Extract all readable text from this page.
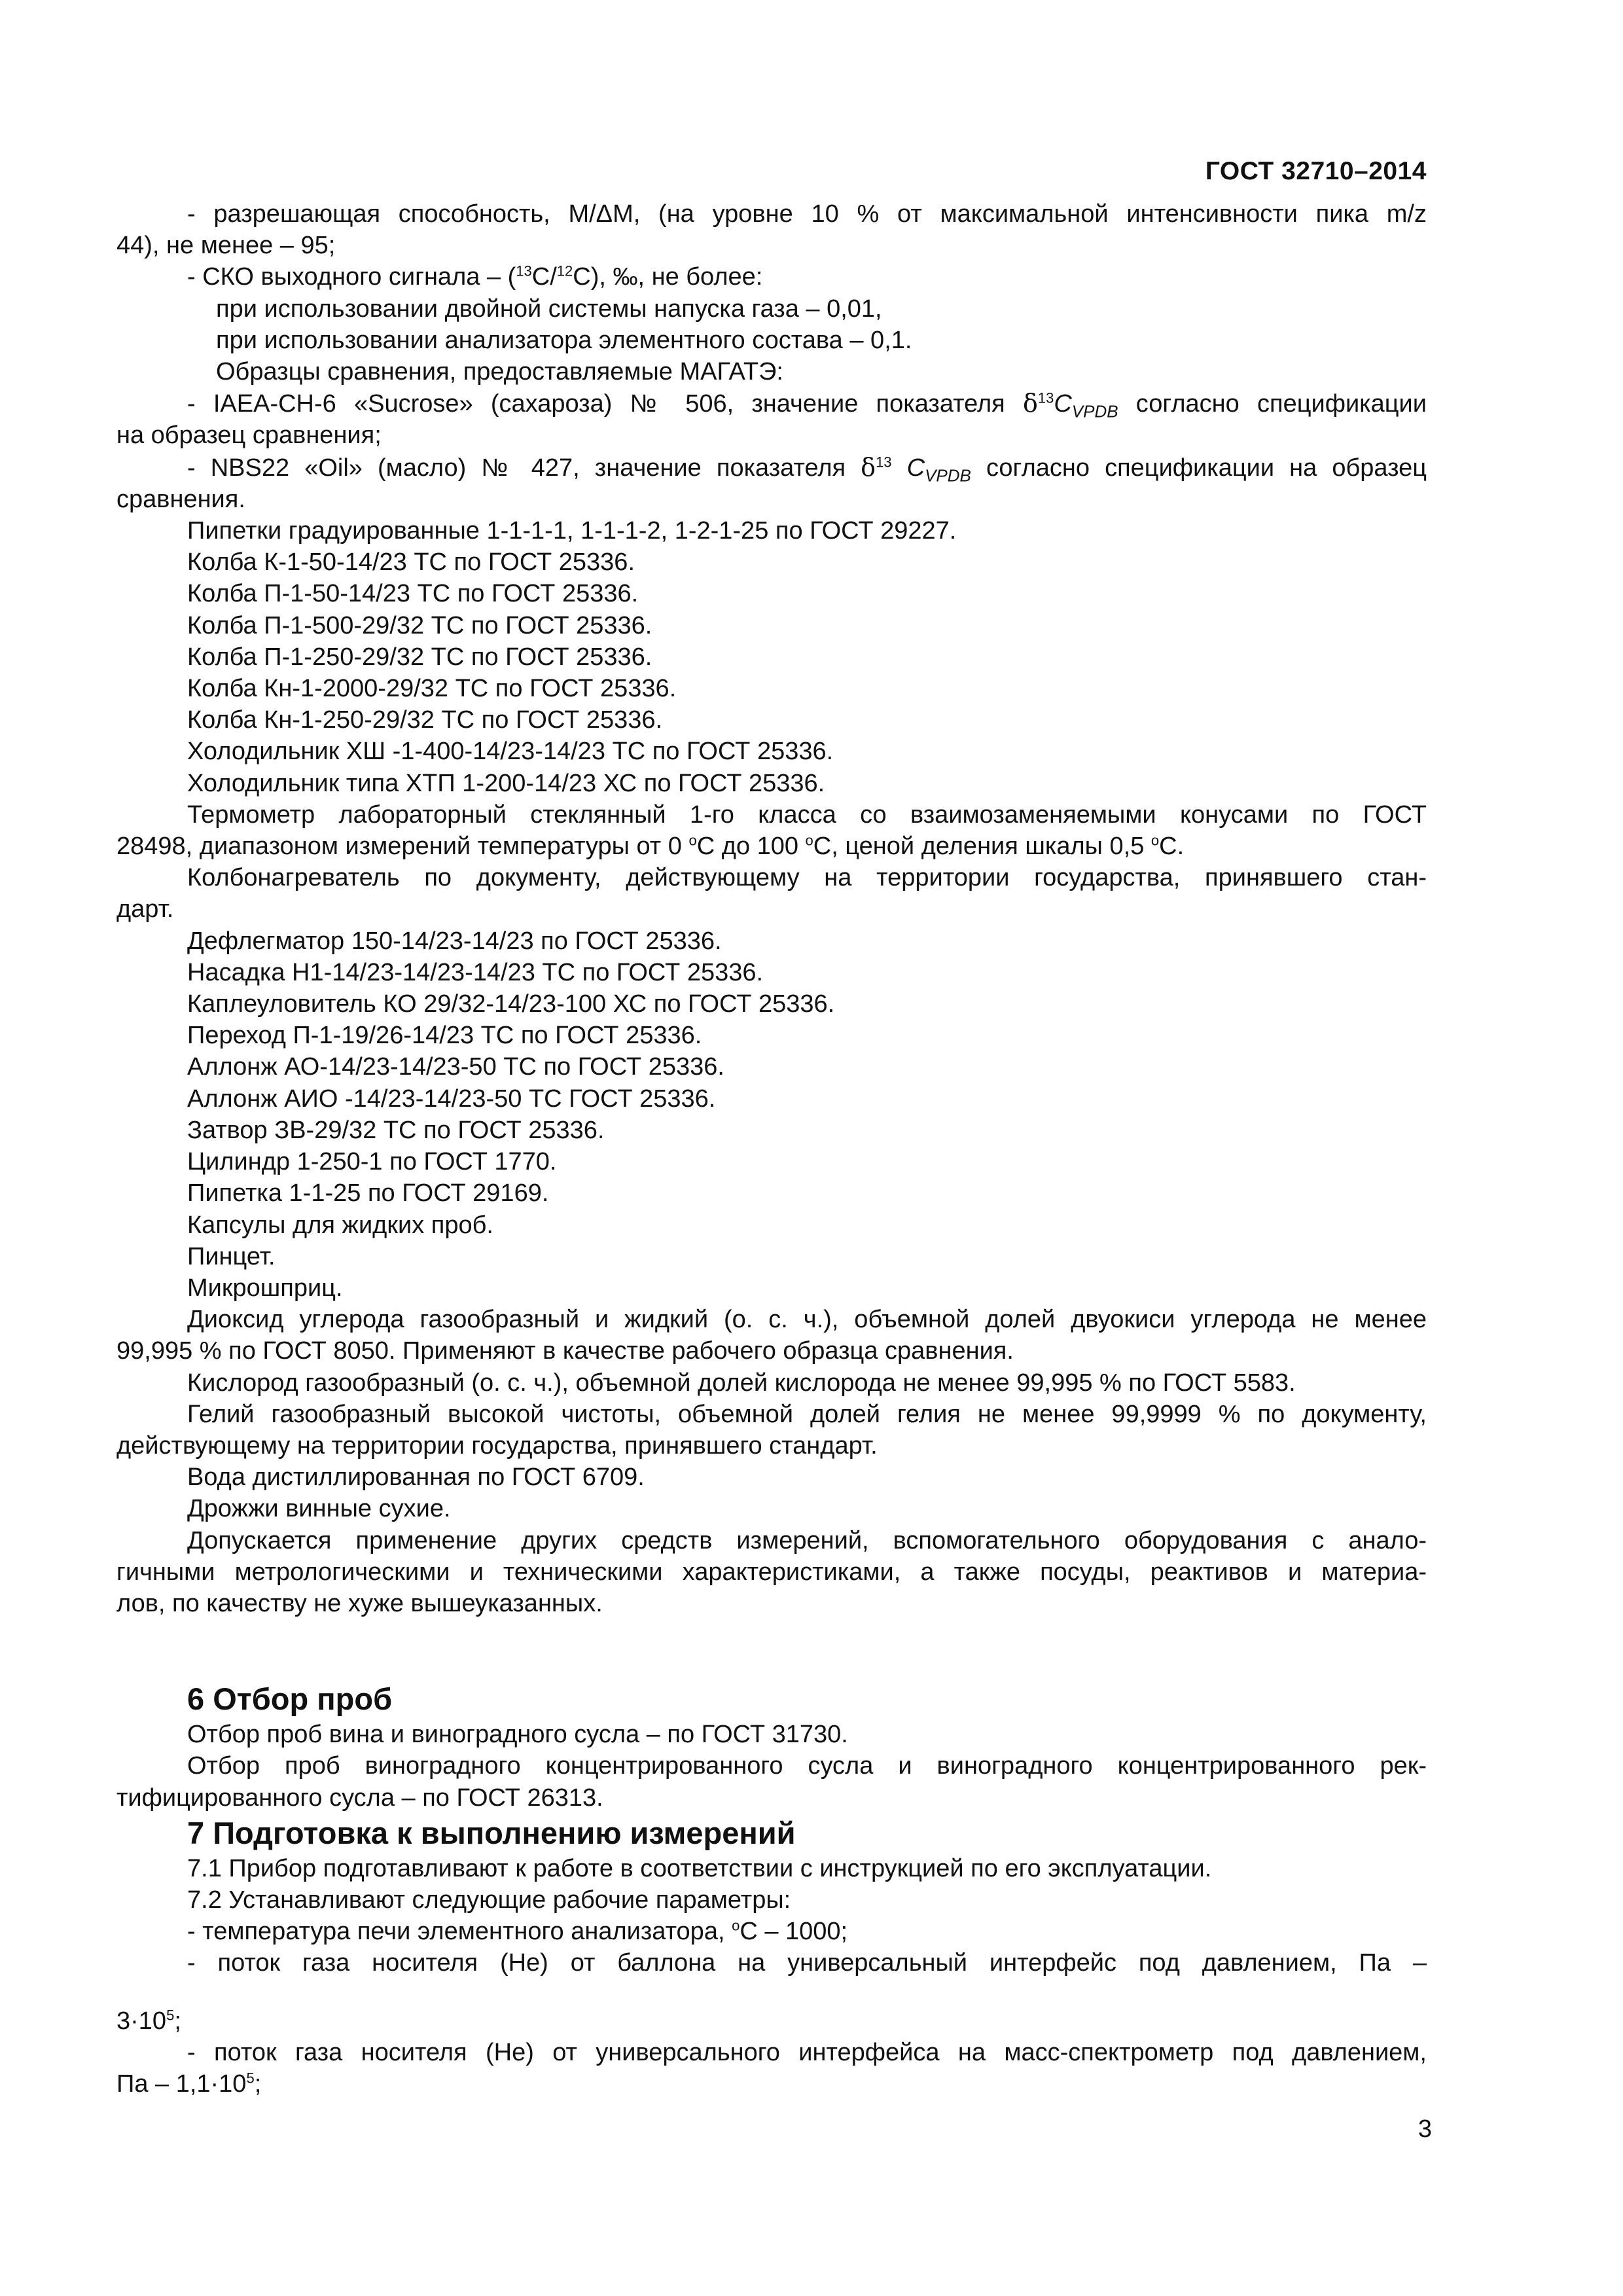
ГОСТ 32710–2014

- разрешающая способность, M/ΔM, (на уровне 10 % от максимальной интенсивности пика m/z

44), не менее – 95;

- СКО выходного сигнала – ($^{13}$C/$^{12}$C), ‰, не более:

при использовании двойной системы напуска газа – 0,01,

при использовании анализатора элементного состава – 0,1.

Образцы сравнения, предоставляемые МАГАТЭ:

- IAEA-CH-6 «Sucrose» (сахароза) № 506, значение показателя $\delta^{13}C_{VPDB}$ согласно спецификации

на образец сравнения;

- NBS22 «Oil» (масло) № 427, значение показателя $\delta^{13}$ $C_{VPDB}$ согласно спецификации на образец

сравнения.

Пипетки градуированные 1-1-1-1, 1-1-1-2, 1-2-1-25 по ГОСТ 29227.

Колба К-1-50-14/23 ТС по ГОСТ 25336.

Колба П-1-50-14/23 ТС по ГОСТ 25336.

Колба П-1-500-29/32 ТС по ГОСТ 25336.

Колба П-1-250-29/32 ТС по ГОСТ 25336.

Колба Кн-1-2000-29/32 ТС по ГОСТ 25336.

Колба Кн-1-250-29/32 ТС по ГОСТ 25336.

Холодильник ХШ -1-400-14/23-14/23 ТС по ГОСТ 25336.

Холодильник типа ХТП 1-200-14/23 ХС по ГОСТ 25336.

Термометр лабораторный стеклянный 1-го класса со взаимозаменяемыми конусами по ГОСТ

28498, диапазоном измерений температуры от 0 $^o$C до 100 $^o$C, ценой деления шкалы 0,5 $^o$C.

Колбонагреватель по документу, действующему на территории государства, принявшего стан-

дарт.

Дефлегматор 150-14/23-14/23 по ГОСТ 25336.

Насадка Н1-14/23-14/23-14/23 ТС по ГОСТ 25336.

Каплеуловитель КО 29/32-14/23-100 ХС по ГОСТ 25336.

Переход П-1-19/26-14/23 ТС по ГОСТ 25336.

Аллонж АО-14/23-14/23-50 ТС по ГОСТ 25336.

Аллонж АИО -14/23-14/23-50 ТС ГОСТ 25336.

Затвор ЗВ-29/32 ТС по ГОСТ 25336.

Цилиндр 1-250-1 по ГОСТ 1770.

Пипетка 1-1-25 по ГОСТ 29169.

Капсулы для жидких проб.

Пинцет.

Микрошприц.

Диоксид углерода газообразный и жидкий (о. с. ч.), объемной долей двуокиси углерода не менее

99,995 % по ГОСТ 8050. Применяют в качестве рабочего образца сравнения.

Кислород газообразный (о. с. ч.), объемной долей кислорода не менее 99,995 % по ГОСТ 5583.

Гелий газообразный высокой чистоты, объемной долей гелия не менее 99,9999 % по документу,

действующему на территории государства, принявшего стандарт.

Вода дистиллированная по ГОСТ 6709.

Дрожжи винные сухие.

Допускается применение других средств измерений, вспомогательного оборудования с анало-

гичными метрологическими и техническими характеристиками, а также посуды, реактивов и материа-

лов, по качеству не хуже вышеуказанных.

6 Отбор проб

Отбор проб вина и виноградного сусла – по ГОСТ 31730.

Отбор проб виноградного концентрированного сусла и виноградного концентрированного рек-

тифицированного сусла – по ГОСТ 26313.

7 Подготовка к выполнению измерений

7.1 Прибор подготавливают к работе в соответствии с инструкцией по его эксплуатации.

7.2 Устанавливают следующие рабочие параметры:

- температура печи элементного анализатора, $^o$C – 1000;

- поток газа носителя (He) от баллона на универсальный интерфейс под давлением, Па –

$3\cdot 10^5$;

- поток газа носителя (He) от универсального интерфейса на масс-спектрометр под давлением,

Па – $1,1\cdot 10^5$;

3
